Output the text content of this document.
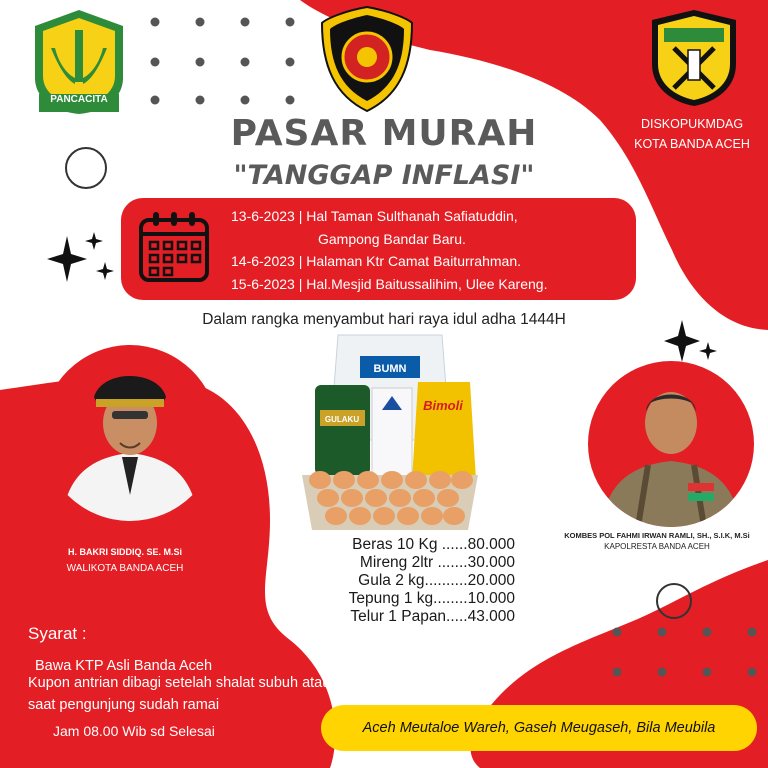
PANCACITA
DISKOPUKMDAG
KOTA BANDA ACEH
PASAR MURAH
"TANGGAP INFLASI"
13-6-2023 | Hal Taman Sulthanah Safiatuddin,
Gampong Bandar Baru.
14-6-2023 | Halaman Ktr Camat Baiturrahman.
15-6-2023 | Hal.Mesjid Baitussalihim, Ulee Kareng.
Dalam rangka menyambut hari raya idul adha 1444H
H. BAKRI SIDDIQ. SE. M.Si
WALIKOTA BANDA ACEH
KOMBES POL FAHMI IRWAN RAMLI, SH., S.I.K, M.Si
KAPOLRESTA BANDA ACEH
BUMN
GULAKU
Bimoli
Beras 10 Kg ......80.000
Mireng 2ltr .......30.000
Gula 2 kg..........20.000
Tepung 1 kg........10.000
Telur 1 Papan.....43.000
Syarat :
Bawa KTP Asli Banda Aceh
Kupon antrian dibagi setelah shalat subuh atau
saat pengunjung sudah ramai
Jam 08.00 Wib sd Selesai	Aceh Meutaloe Wareh, Gaseh Meugaseh, Bila Meubila
